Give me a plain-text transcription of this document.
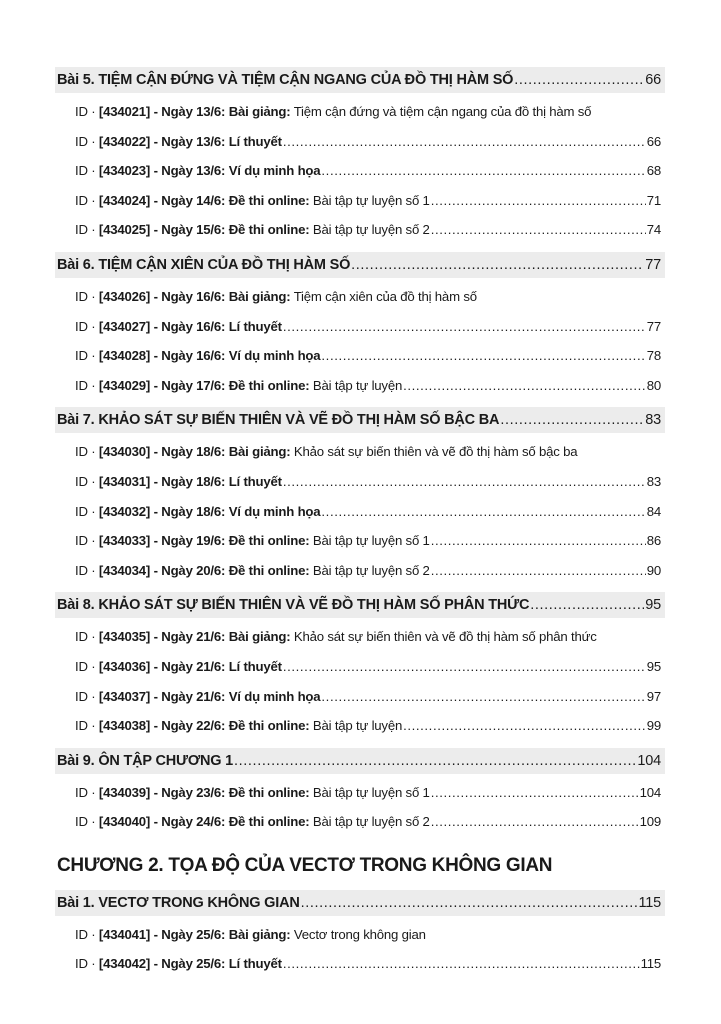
Bài 5. TIỆM CẬN ĐỨNG VÀ TIỆM CẬN NGANG CỦA ĐỒ THỊ HÀM SỐ .....	66
ID · [434021] - Ngày 13/6: Bài giảng: Tiệm cận đứng và tiệm cận ngang của đồ thị hàm số
ID · [434022] - Ngày 13/6: Lí thuyết .....	66
ID · [434023] - Ngày 13/6: Ví dụ minh họa .....	68
ID · [434024] - Ngày 14/6: Đề thi online: Bài tập tự luyện số 1 .....	71
ID · [434025] - Ngày 15/6: Đề thi online: Bài tập tự luyện số 2 .....	74
Bài 6. TIỆM CẬN XIÊN CỦA ĐỒ THỊ HÀM SỐ .....	77
ID · [434026] - Ngày 16/6: Bài giảng: Tiệm cận xiên của đồ thị hàm số
ID · [434027] - Ngày 16/6: Lí thuyết .....	77
ID · [434028] - Ngày 16/6: Ví dụ minh họa .....	78
ID · [434029] - Ngày 17/6: Đề thi online: Bài tập tự luyện .....	80
Bài 7. KHẢO SÁT SỰ BIẾN THIÊN VÀ VẼ ĐỒ THỊ HÀM SỐ BẬC BA .....	83
ID · [434030] - Ngày 18/6: Bài giảng: Khảo sát sự biến thiên và vẽ đồ thị hàm số bậc ba
ID · [434031] - Ngày 18/6: Lí thuyết .....	83
ID · [434032] - Ngày 18/6: Ví dụ minh họa .....	84
ID · [434033] - Ngày 19/6: Đề thi online: Bài tập tự luyện số 1 .....	86
ID · [434034] - Ngày 20/6: Đề thi online: Bài tập tự luyện số 2 .....	90
Bài 8. KHẢO SÁT SỰ BIẾN THIÊN VÀ VẼ ĐỒ THỊ HÀM SỐ PHÂN THỨC .....	95
ID · [434035] - Ngày 21/6: Bài giảng: Khảo sát sự biến thiên và vẽ đồ thị hàm số phân thức
ID · [434036] - Ngày 21/6: Lí thuyết .....	95
ID · [434037] - Ngày 21/6: Ví dụ minh họa .....	97
ID · [434038] - Ngày 22/6: Đề thi online: Bài tập tự luyện .....	99
Bài 9. ÔN TẬP CHƯƠNG 1 .....	104
ID · [434039] - Ngày 23/6: Đề thi online: Bài tập tự luyện số 1 .....	104
ID · [434040] - Ngày 24/6: Đề thi online: Bài tập tự luyện số 2 .....	109
CHƯƠNG 2. TỌA ĐỘ CỦA VECTƠ TRONG KHÔNG GIAN
Bài 1. VECTƠ TRONG KHÔNG GIAN .....	115
ID · [434041] - Ngày 25/6: Bài giảng: Vectơ trong không gian
ID · [434042] - Ngày 25/6: Lí thuyết .....	115
